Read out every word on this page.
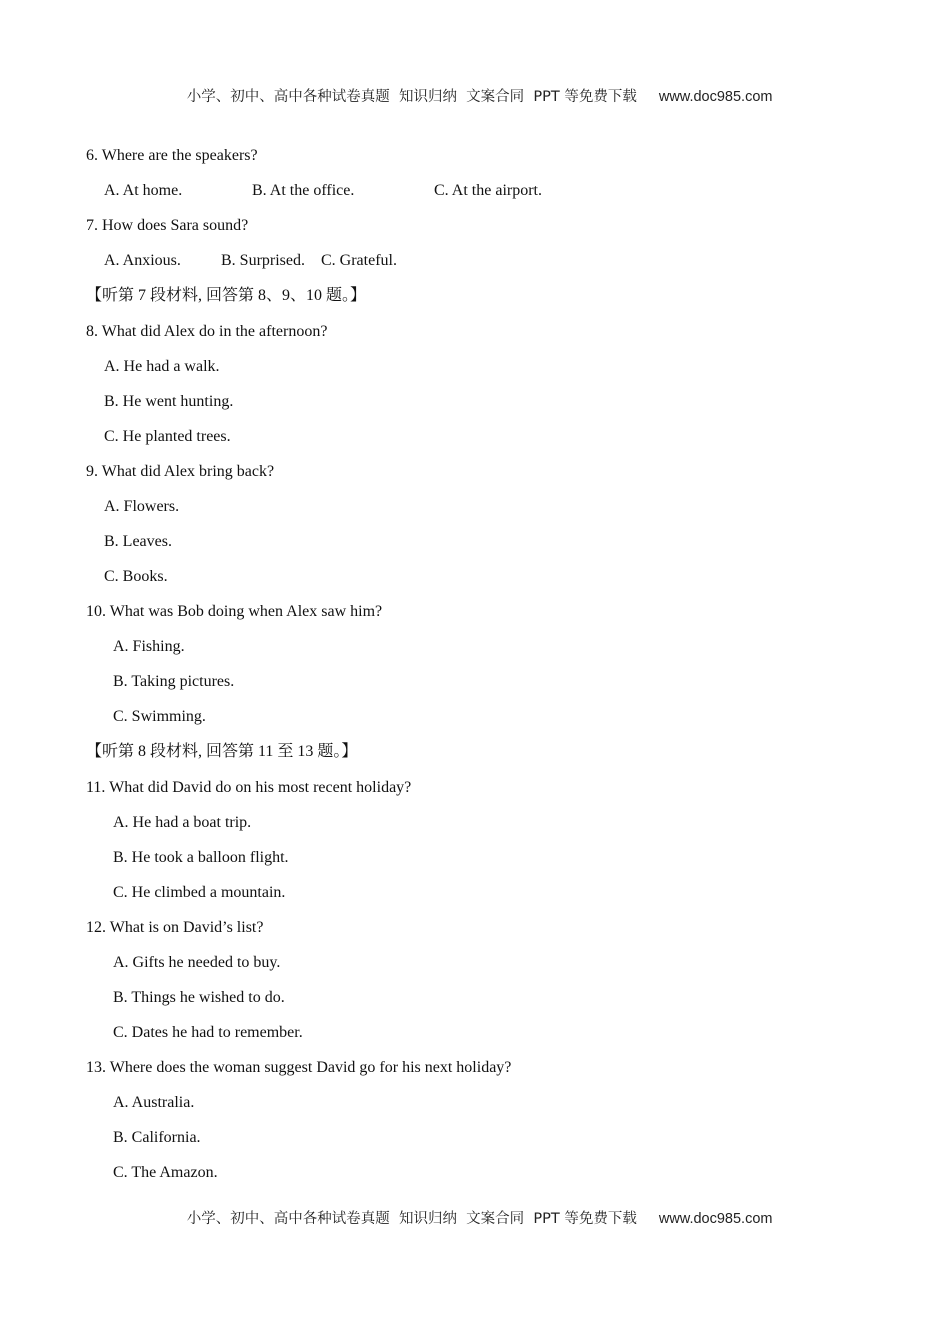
小学、初中、高中各种试卷真题  知识归纳  文案合同  PPT 等免费下载 www.doc985.com

6. Where are the speakers?
A. At home.	B. At the office.	C. At the airport.
7. How does Sara sound?
A. Anxious.	B. Surprised. C. Grateful.
【听第 7 段材料, 回答第 8、9、10 题。】
8. What did Alex do in the afternoon?
A. He had a walk.
B. He went hunting.
C. He planted trees.
9. What did Alex bring back?
A. Flowers.
B. Leaves.
C. Books.
10. What was Bob doing when Alex saw him?
A. Fishing.
B. Taking pictures.
C. Swimming.
【听第 8 段材料, 回答第 11 至 13 题。】
11. What did David do on his most recent holiday?
A. He had a boat trip.
B. He took a balloon flight.
C. He climbed a mountain.
12. What is on David’s list?
A. Gifts he needed to buy.
B. Things he wished to do.
C. Dates he had to remember.
13. Where does the woman suggest David go for his next holiday?
A. Australia.
B. California.
C. The Amazon.

小学、初中、高中各种试卷真题  知识归纳  文案合同  PPT 等免费下载 www.doc985.com
